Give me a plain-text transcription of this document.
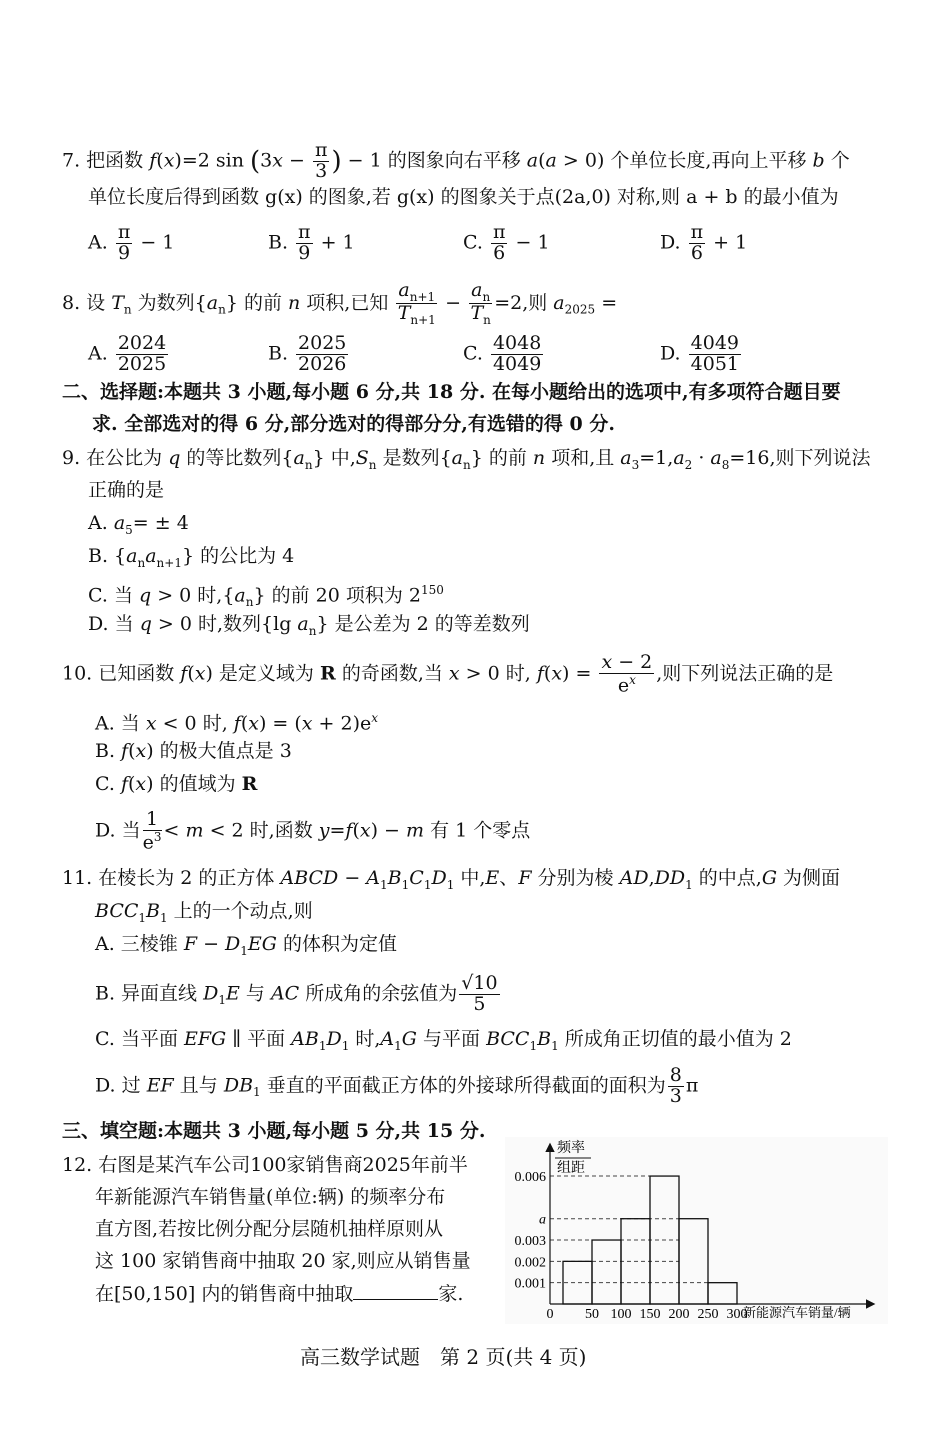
7. 把函数 f(x)=2 $\sin (3x - \frac{\pi}{3}$ ) − 1 的图象向右平移 a(a > 0) 个单位长度,再向上平移 b 个
单位长度后得到函数 g(x) 的图象,若 g(x) 的图象关于点(2a,0) 对称,则 a + b 的最小值为
A. $\frac{\pi}{9} - 1$	B. $\frac{\pi}{9} + 1$	C. $\frac{\pi}{6} - 1$	D. $\frac{\pi}{6} + 1$
8. 设 $T_n$ 为数列$\{a_n\}$ 的前 n 项积,已知 $\frac{a_{n+1}}{T_{n+1}} - \frac{a_n}{T_n} =2$,则 $a_{2025}$ =
A. $\frac{2024}{2025}$	B. $\frac{2025}{2026}$	C. $\frac{4048}{4049}$	D. $\frac{4049}{4051}$
二、选择题:本题共 3 小题,每小题 6 分,共 18 分. 在每小题给出的选项中,有多项符合题目要
求. 全部选对的得 6 分,部分选对的得部分分,有选错的得 0 分.
9. 在公比为 q 的等比数列$\{a_n\}$ 中$,S_n$ 是数列$\{a_n\}$ 的前 n 项和,且 $a_3=1,a_2 \cdot a_8=16$,则下列说法
正确的是
A. $a_5= \pm 4$
B. $\{a_na_{n+1}\}$ 的公比为 4
C. 当 q > 0 时$,\{a_n\}$ 的前 20 项积为 $2^{150}$
D. 当 q > 0 时,数列{lg $a_n$} 是公差为 2 的等差数列
10. 已知函数 f(x) 是定义域为 R 的奇函数,当 x > 0 时, $f(x) = \frac{x - 2}{e^x}$ ,则下列说法正确的是
A. 当 x < 0 时, $f(x) = (x + 2)e^x$
B. f(x) 的极大值点是 3
C. f(x) 的值域为 R
D. 当 $\frac{1}{e^3} < m < 2$ 时,函数 y=f(x) − m 有 1 个零点
11. 在棱长为 2 的正方体 ABCD − $A_1B_1C_1D_1$ 中,E、F 分别为棱 $AD,DD_1$ 的中点,G 为侧面
$BCC_1B_1$ 上的一个动点,则
A. 三棱锥 $F - D_1EG$ 的体积为定值
B. 异面直线 $D_1E$ 与 AC 所成角的余弦值为 $\frac{√10}{5}$
C. 当平面 EFG ∥ 平面 $AB_1D_1$ 时$,A_1G$ 与平面 $BCC_1B_1$ 所成角正切值的最小值为 2
D. 过 EF 且与 $DB_1$ 垂直的平面截正方体的外接球所得截面的面积为 $\frac{8}{3}$ π
三、填空题:本题共 3 小题,每小题 5 分,共 15 分.
12. 右图是某汽车公司100家销售商2025年前半
年新能源汽车销售量(单位:辆) 的频率分布
直方图,若按比例分配分层随机抽样原则从
这 100 家销售商中抽取 20 家,则应从销售量
在[50,150] 内的销售商中抽取	家.	0.001
0.002
0.003
a
0.006
0 50 100 150 200 250 300
频率
组距
新能源汽车销量/辆
高三数学试题　第 2 页(共 4 页)
